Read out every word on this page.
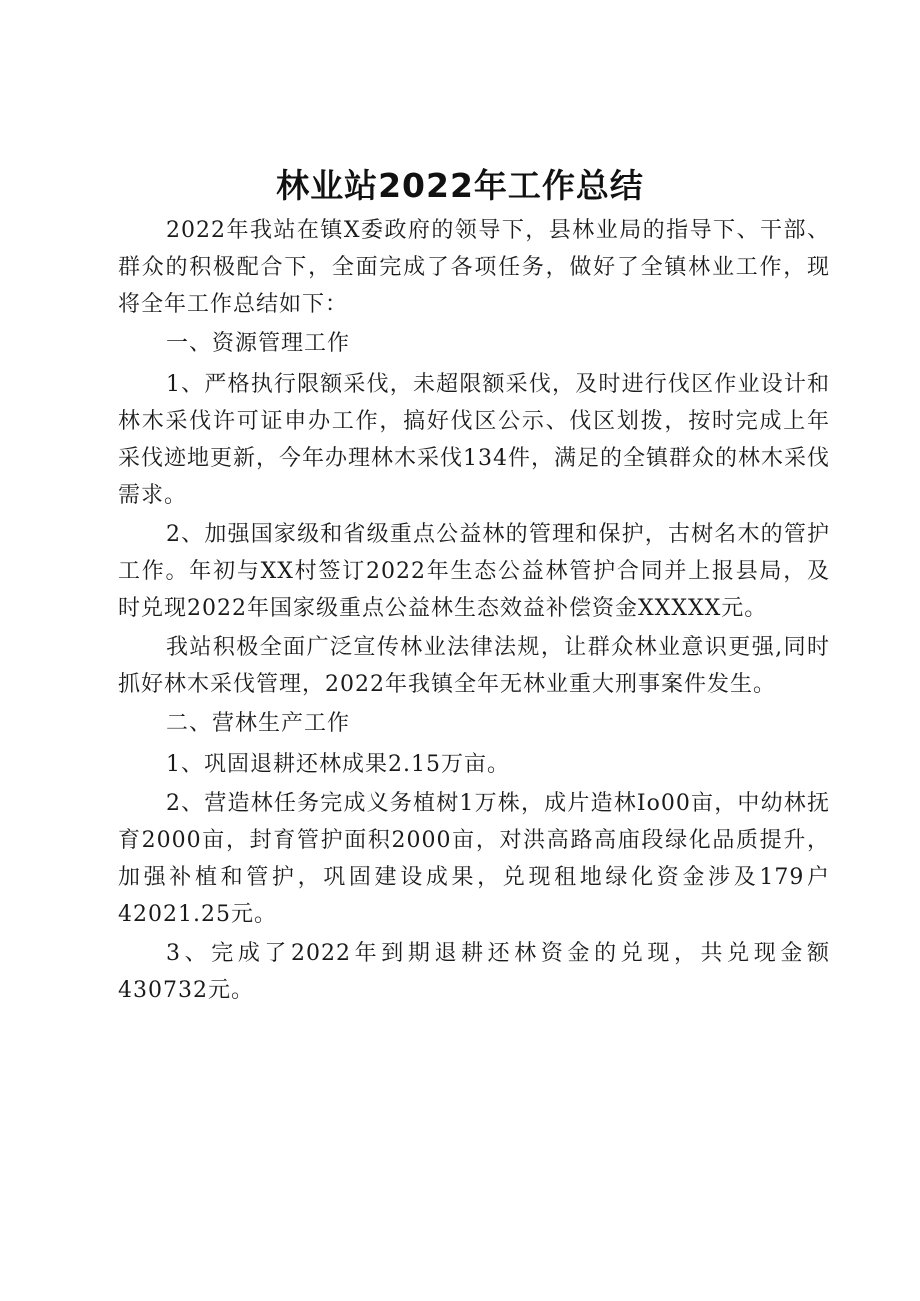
林业站2022年工作总结

2022年我站在镇X委政府的领导下，县林业局的指导下、干部、群众的积极配合下，全面完成了各项任务，做好了全镇林业工作，现将全年工作总结如下：

一、资源管理工作

1、严格执行限额采伐，未超限额采伐，及时进行伐区作业设计和林木采伐许可证申办工作，搞好伐区公示、伐区划拨，按时完成上年采伐迹地更新，今年办理林木采伐134件，满足的全镇群众的林木采伐需求。

2、加强国家级和省级重点公益林的管理和保护，古树名木的管护工作。年初与XX村签订2022年生态公益林管护合同并上报县局，及时兑现2022年国家级重点公益林生态效益补偿资金XXXXX元。

我站积极全面广泛宣传林业法律法规，让群众林业意识更强,同时抓好林木采伐管理，2022年我镇全年无林业重大刑事案件发生。

二、营林生产工作

1、巩固退耕还林成果2.15万亩。

2、营造林任务完成义务植树1万株，成片造林Io00亩，中幼林抚育2000亩，封育管护面积2000亩，对洪高路高庙段绿化品质提升，加强补植和管护，巩固建设成果，兑现租地绿化资金涉及179户42021.25元。

3、完成了2022年到期退耕还林资金的兑现，共兑现金额430732元。
